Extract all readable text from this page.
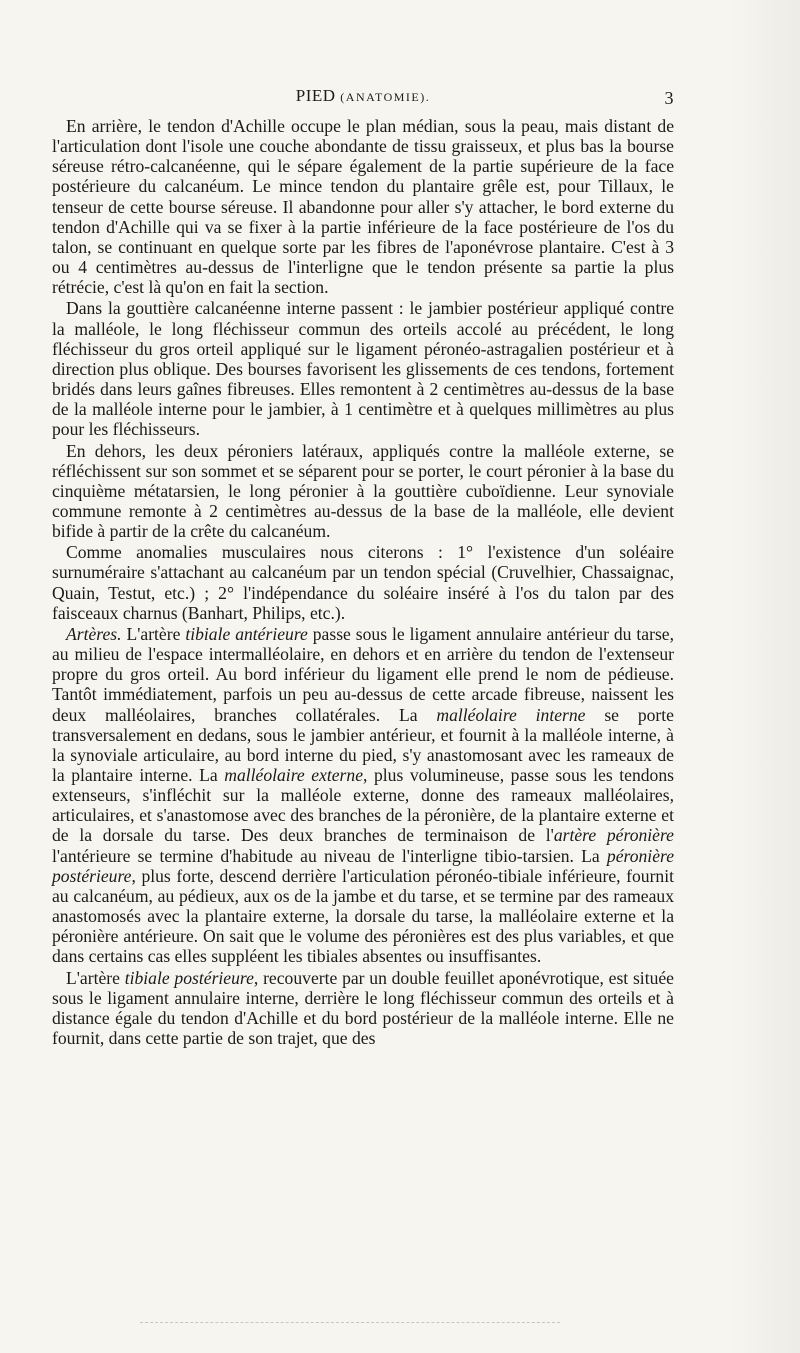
PIED (ANATOMIE).	3

En arrière, le tendon d'Achille occupe le plan médian, sous la peau, mais distant de l'articulation dont l'isole une couche abondante de tissu graisseux, et plus bas la bourse séreuse rétro-calcanéenne, qui le sépare également de la partie supérieure de la face postérieure du calcanéum. Le mince tendon du plantaire grêle est, pour Tillaux, le tenseur de cette bourse séreuse. Il abandonne pour aller s'y attacher, le bord externe du tendon d'Achille qui va se fixer à la partie inférieure de la face postérieure de l'os du talon, se continuant en quelque sorte par les fibres de l'aponévrose plantaire. C'est à 3 ou 4 centimètres au-dessus de l'interligne que le tendon présente sa partie la plus rétrécie, c'est là qu'on en fait la section.

Dans la gouttière calcanéenne interne passent : le jambier postérieur appliqué contre la malléole, le long fléchisseur commun des orteils accolé au précédent, le long fléchisseur du gros orteil appliqué sur le ligament péronéo-astragalien postérieur et à direction plus oblique. Des bourses favorisent les glissements de ces tendons, fortement bridés dans leurs gaînes fibreuses. Elles remontent à 2 centimètres au-dessus de la base de la malléole interne pour le jambier, à 1 centimètre et à quelques millimètres au plus pour les fléchisseurs.

En dehors, les deux péroniers latéraux, appliqués contre la malléole externe, se réfléchissent sur son sommet et se séparent pour se porter, le court péronier à la base du cinquième métatarsien, le long péronier à la gouttière cuboïdienne. Leur synoviale commune remonte à 2 centimètres au-dessus de la base de la malléole, elle devient bifide à partir de la crête du calcanéum.

Comme anomalies musculaires nous citerons : 1° l'existence d'un soléaire surnuméraire s'attachant au calcanéum par un tendon spécial (Cruvelhier, Chassaignac, Quain, Testut, etc.) ; 2° l'indépendance du soléaire inséré à l'os du talon par des faisceaux charnus (Banhart, Philips, etc.).

Artères. L'artère tibiale antérieure passe sous le ligament annulaire antérieur du tarse, au milieu de l'espace intermalléolaire, en dehors et en arrière du tendon de l'extenseur propre du gros orteil. Au bord inférieur du ligament elle prend le nom de pédieuse. Tantôt immédiatement, parfois un peu au-dessus de cette arcade fibreuse, naissent les deux malléolaires, branches collatérales. La malléolaire interne se porte transversalement en dedans, sous le jambier antérieur, et fournit à la malléole interne, à la synoviale articulaire, au bord interne du pied, s'y anastomosant avec les rameaux de la plantaire interne. La malléolaire externe, plus volumineuse, passe sous les tendons extenseurs, s'infléchit sur la malléole externe, donne des rameaux malléolaires, articulaires, et s'anastomose avec des branches de la péronière, de la plantaire externe et de la dorsale du tarse. Des deux branches de terminaison de l'artère péronière l'antérieure se termine d'habitude au niveau de l'interligne tibio-tarsien. La péronière postérieure, plus forte, descend derrière l'articulation péronéo-tibiale inférieure, fournit au calcanéum, au pédieux, aux os de la jambe et du tarse, et se termine par des rameaux anastomosés avec la plantaire externe, la dorsale du tarse, la malléolaire externe et la péronière antérieure. On sait que le volume des péronières est des plus variables, et que dans certains cas elles suppléent les tibiales absentes ou insuffisantes.

L'artère tibiale postérieure, recouverte par un double feuillet aponévrotique, est située sous le ligament annulaire interne, derrière le long fléchisseur commun des orteils et à distance égale du tendon d'Achille et du bord postérieur de la malléole interne. Elle ne fournit, dans cette partie de son trajet, que des
